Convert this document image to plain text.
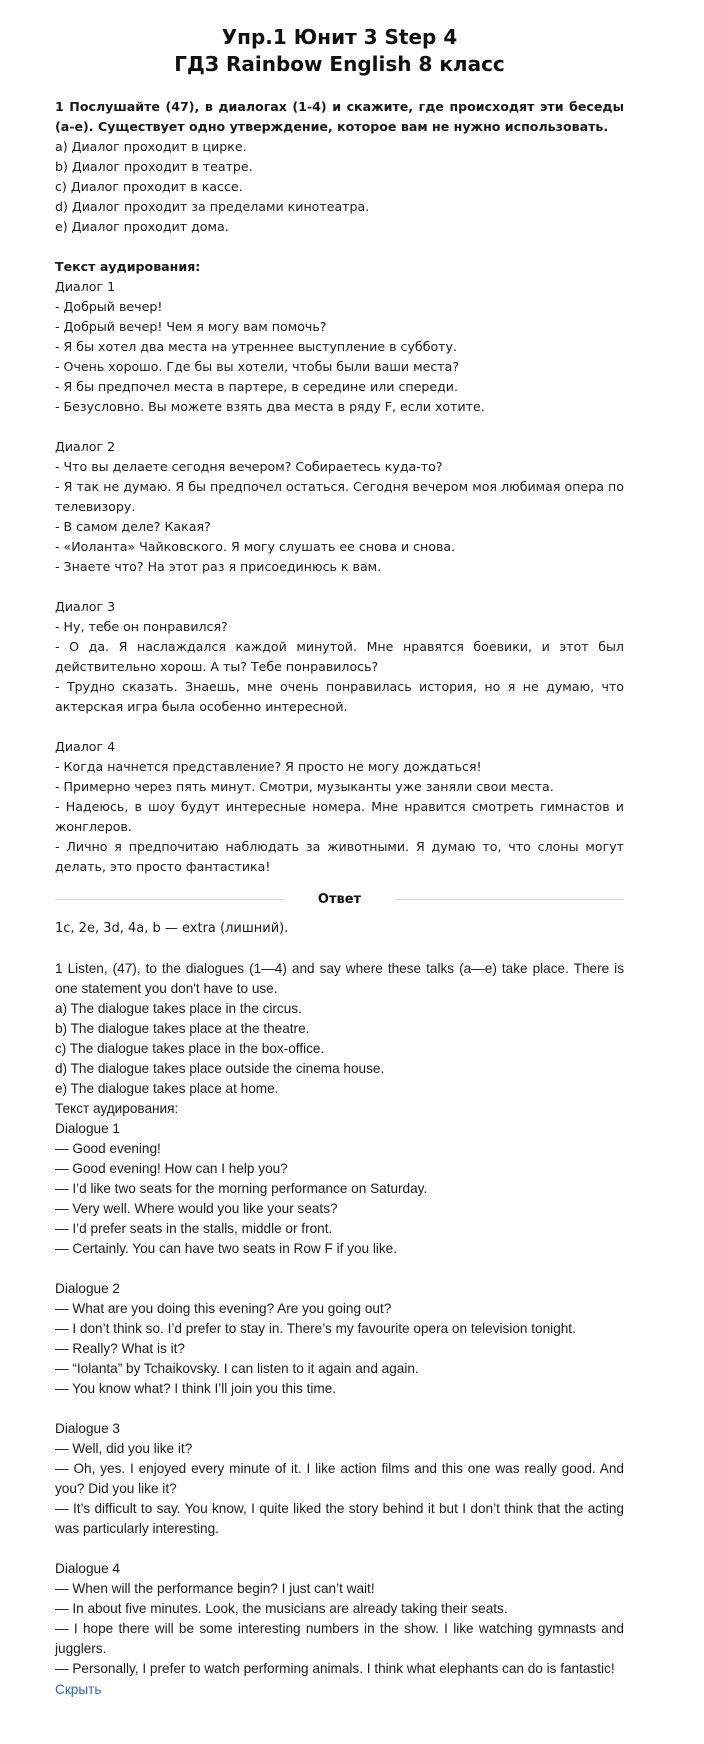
Упр.1 Юнит 3 Step 4
ГДЗ Rainbow English 8 класс

1 Послушайте (47), в диалогах (1-4) и скажите, где происходят эти беседы (а-е). Существует одно утверждение, которое вам не нужно использовать.

a) Диалог проходит в цирке.

b) Диалог проходит в театре.

c) Диалог проходит в кассе.

d) Диалог проходит за пределами кинотеатра.

e) Диалог проходит дома.

Текст аудирования:

Диалог 1

- Добрый вечер!

- Добрый вечер! Чем я могу вам помочь?

- Я бы хотел два места на утреннее выступление в субботу.

- Очень хорошо. Где бы вы хотели, чтобы были ваши места?

- Я бы предпочел места в партере, в середине или спереди.

- Безусловно. Вы можете взять два места в ряду F, если хотите.

Диалог 2

- Что вы делаете сегодня вечером? Собираетесь куда-то?

- Я так не думаю. Я бы предпочел остаться. Сегодня вечером моя любимая опера по телевизору.

- В самом деле? Какая?

- «Иоланта» Чайковского. Я могу слушать ее снова и снова.

- Знаете что? На этот раз я присоединюсь к вам.

Диалог 3

- Ну, тебе он понравился?

- О да. Я наслаждался каждой минутой. Мне нравятся боевики, и этот был действительно хорош. А ты? Тебе понравилось?

- Трудно сказать. Знаешь, мне очень понравилась история, но я не думаю, что актерская игра была особенно интересной.

Диалог 4

- Когда начнется представление? Я просто не могу дождаться!

- Примерно через пять минут. Смотри, музыканты уже заняли свои места.

- Надеюсь, в шоу будут интересные номера. Мне нравится смотреть гимнастов и жонглеров.

- Лично я предпочитаю наблюдать за животными. Я думаю то, что слоны могут делать, это просто фантастика!

Ответ

1c, 2e, 3d, 4a, b — extra (лишний).

1 Listen, (47), to the dialogues (1—4) and say where these talks (a—e) take place. There is one statement you don't have to use.

a) The dialogue takes place in the circus.

b) The dialogue takes place at the theatre.

c) The dialogue takes place in the box-office.

d) The dialogue takes place outside the cinema house.

e) The dialogue takes place at home.

Текст аудирования:

Dialogue 1

— Good evening!

— Good evening! How can I help you?

— I’d like two seats for the morning performance on Saturday.

— Very well. Where would you like your seats?

— I’d prefer seats in the stalls, middle or front.

— Certainly. You can have two seats in Row F if you like.

Dialogue 2

— What are you doing this evening? Are you going out?

— I don’t think so. I’d prefer to stay in. There’s my favourite opera on television tonight.

— Really? What is it?

— “Iolanta” by Tchaikovsky. I can listen to it again and again.

— You know what? I think I’ll join you this time.

Dialogue 3

— Well, did you like it?

— Oh, yes. I enjoyed every minute of it. I like action films and this one was really good. And you? Did you like it?

— It’s difficult to say. You know, I quite liked the story behind it but I don’t think that the acting was particularly interesting.

Dialogue 4

— When will the performance begin? I just can’t wait!

— In about five minutes. Look, the musicians are already taking their seats.

— I hope there will be some interesting numbers in the show. I like watching gymnasts and jugglers.

— Personally, I prefer to watch performing animals. I think what elephants can do is fantastic!

Скрыть
